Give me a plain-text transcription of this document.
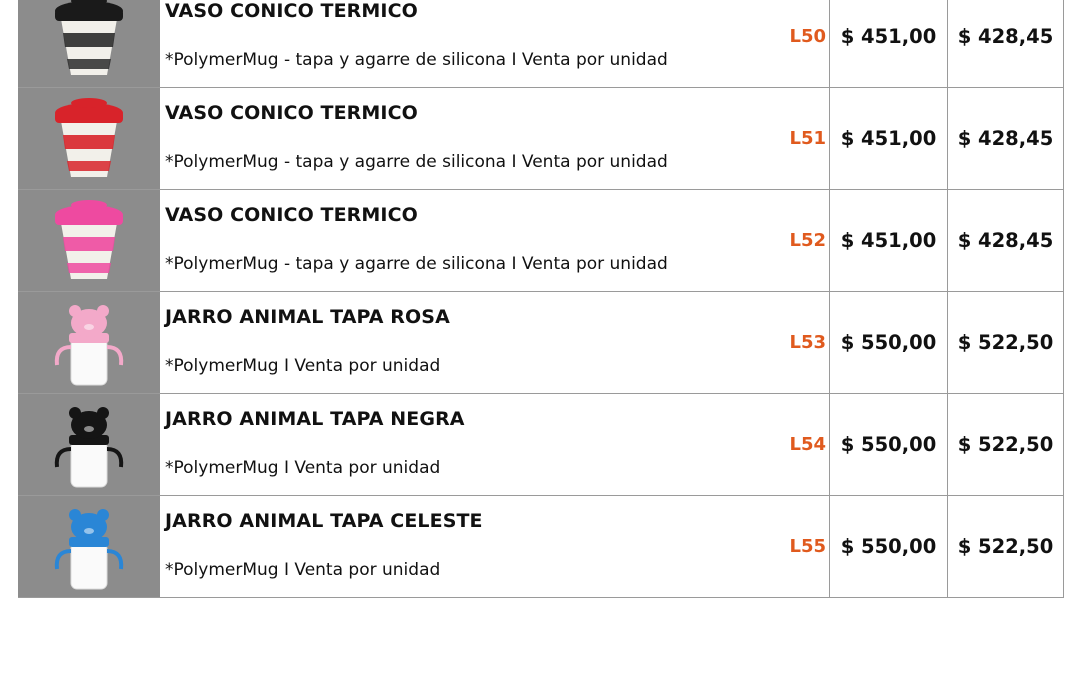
VASO CONICO TERMICO
*PolymerMug - tapa y agarre de silicona I Venta por unidad
L50 $ 451,00	$ 428,45
VASO CONICO TERMICO
*PolymerMug - tapa y agarre de silicona I Venta por unidad
L51 $ 451,00	$ 428,45
VASO CONICO TERMICO
*PolymerMug - tapa y agarre de silicona I Venta por unidad
L52 $ 451,00	$ 428,45
JARRO ANIMAL TAPA ROSA
*PolymerMug I Venta por unidad
L53 $ 550,00	$ 522,50
JARRO ANIMAL TAPA NEGRA
*PolymerMug I Venta por unidad
L54 $ 550,00	$ 522,50
JARRO ANIMAL TAPA CELESTE
*PolymerMug I Venta por unidad
L55 $ 550,00	$ 522,50
